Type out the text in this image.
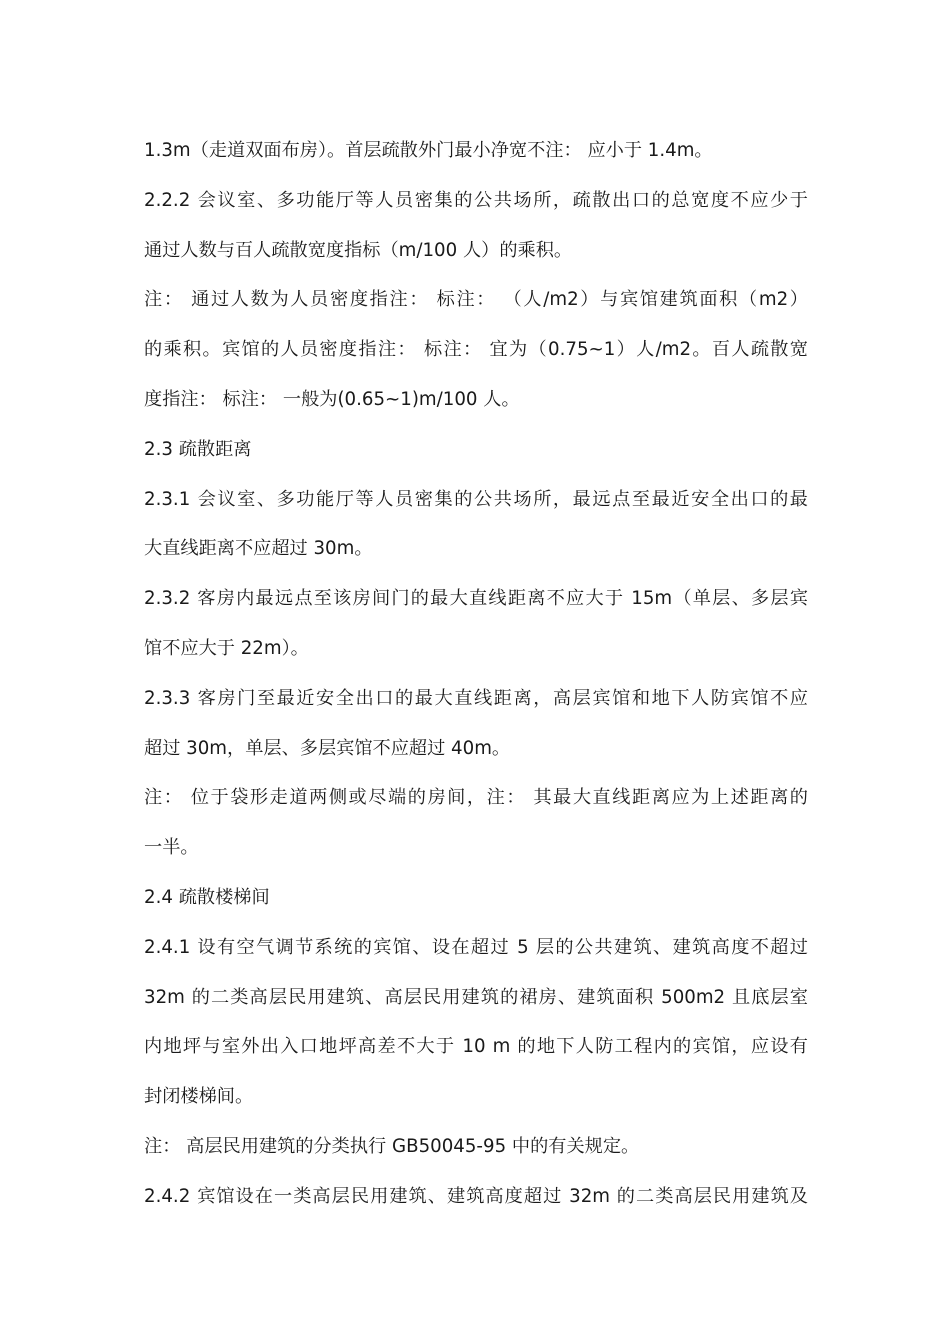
1.3m（走道双面布房）。首层疏散外门最小净宽不注： 应小于 1.4m。
2.2.2 会议室、多功能厅等人员密集的公共场所，疏散出口的总宽度不应少于
通过人数与百人疏散宽度指标（m/100 人）的乘积。
注： 通过人数为人员密度指注： 标注： （人/m2）与宾馆建筑面积（m2）
的乘积。宾馆的人员密度指注： 标注： 宜为（0.75~1）人/m2。百人疏散宽
度指注： 标注： 一般为(0.65~1)m/100 人。
2.3 疏散距离
2.3.1 会议室、多功能厅等人员密集的公共场所，最远点至最近安全出口的最
大直线距离不应超过 30m。
2.3.2 客房内最远点至该房间门的最大直线距离不应大于 15m（单层、多层宾
馆不应大于 22m）。
2.3.3 客房门至最近安全出口的最大直线距离，高层宾馆和地下人防宾馆不应
超过 30m，单层、多层宾馆不应超过 40m。
注： 位于袋形走道两侧或尽端的房间，注： 其最大直线距离应为上述距离的
一半。
2.4 疏散楼梯间
2.4.1 设有空气调节系统的宾馆、设在超过 5 层的公共建筑、建筑高度不超过
32m 的二类高层民用建筑、高层民用建筑的裙房、建筑面积 500m2 且底层室
内地坪与室外出入口地坪高差不大于 10 m 的地下人防工程内的宾馆，应设有
封闭楼梯间。
注： 高层民用建筑的分类执行 GB50045-95 中的有关规定。
2.4.2 宾馆设在一类高层民用建筑、建筑高度超过 32m 的二类高层民用建筑及
